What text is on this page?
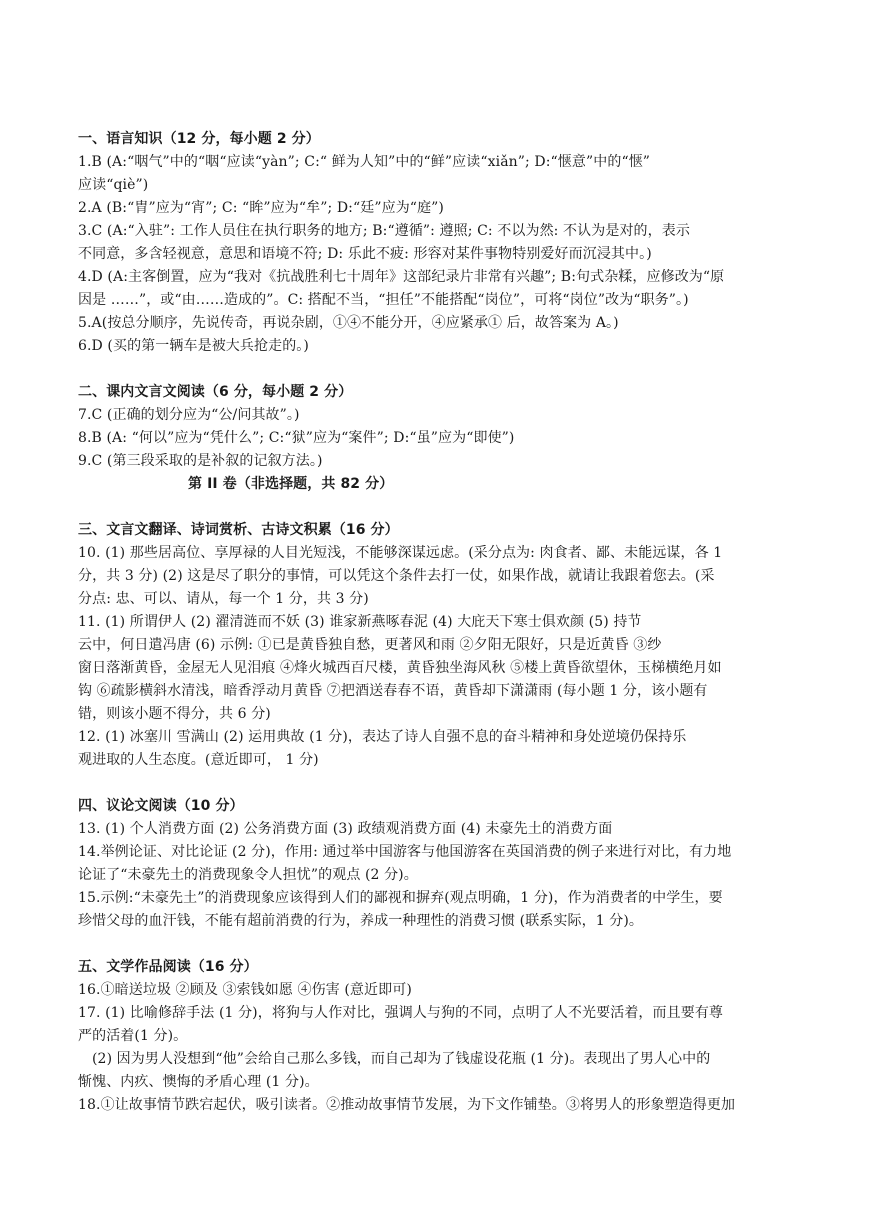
一、语言知识（12 分，每小题 2 分）
1.B (A:“咽气”中的“咽“应读“yàn”; C:“ 鲜为人知”中的“鲜”应读“xiǎn”; D:“惬意”中的“惬”
应读“qiè”)
2.A (B:“胄”应为“宵”; C: “眸”应为“牟”; D:“廷”应为“庭”)
3.C (A:“入驻”: 工作人员住在执行职务的地方; B:“遵循”: 遵照; C: 不以为然: 不认为是对的，表示
不同意，多含轻视意，意思和语境不符; D: 乐此不疲: 形容对某件事物特别爱好而沉浸其中。)
4.D (A:主客倒置，应为“我对《抗战胜利七十周年》这部纪录片非常有兴趣”; B:句式杂糅，应修改为“原
因是 ……”，或“由……造成的”。C: 搭配不当，“担任”不能搭配“岗位”，可将“岗位”改为“职务”。)
5.A(按总分顺序，先说传奇，再说杂剧，①④不能分开，④应紧承① 后，故答案为 A。)
6.D (买的第一辆车是被大兵抢走的。)
二、课内文言文阅读（6 分，每小题 2 分）
7.C (正确的划分应为“公/问其故”。)
8.B (A: “何以”应为“凭什么”; C:“狱”应为“案件”; D:“虽”应为“即使”)
9.C (第三段采取的是补叙的记叙方法。)
第 II 卷（非选择题，共 82 分）
三、文言文翻译、诗词赏析、古诗文积累（16 分）
10. (1) 那些居高位、享厚禄的人目光短浅，不能够深谋远虑。(采分点为: 肉食者、鄙、未能远谋，各 1
分，共 3 分) (2) 这是尽了职分的事情，可以凭这个条件去打一仗，如果作战，就请让我跟着您去。(采
分点: 忠、可以、请从，每一个 1 分，共 3 分)
11. (1) 所谓伊人 (2) 濯清涟而不妖 (3) 谁家新燕啄春泥 (4) 大庇天下寒士俱欢颜 (5) 持节
云中，何日遣冯唐 (6) 示例: ①已是黄昏独自愁，更著风和雨 ②夕阳无限好，只是近黄昏 ③纱
窗日落渐黄昏，金屋无人见泪痕 ④烽火城西百尺楼，黄昏独坐海风秋 ⑤楼上黄昏欲望休，玉梯横绝月如
钩 ⑥疏影横斜水清浅，暗香浮动月黄昏 ⑦把酒送春春不语，黄昏却下潇潇雨 (每小题 1 分，该小题有
错，则该小题不得分，共 6 分)
12. (1) 冰塞川 雪满山 (2) 运用典故 (1 分)，表达了诗人自强不息的奋斗精神和身处逆境仍保持乐
观进取的人生态度。(意近即可， 1 分)
四、议论文阅读（10 分）
13. (1) 个人消费方面 (2) 公务消费方面 (3) 政绩观消费方面 (4) 未豪先土的消费方面
14.举例论证、对比论证 (2 分)，作用: 通过举中国游客与他国游客在英国消费的例子来进行对比，有力地
论证了“未豪先土的消费现象令人担忧”的观点 (2 分)。
15.示例:“未豪先土”的消费现象应该得到人们的鄙视和摒弃(观点明确，1 分)，作为消费者的中学生，要
珍惜父母的血汗钱，不能有超前消费的行为，养成一种理性的消费习惯 (联系实际，1 分)。
五、文学作品阅读（16 分）
16.①暗送垃圾 ②顾及 ③索钱如愿 ④伤害 (意近即可)
17. (1) 比喻修辞手法 (1 分)，将狗与人作对比，强调人与狗的不同，点明了人不光要活着，而且要有尊
严的活着(1 分)。
(2) 因为男人没想到“他”会给自己那么多钱，而自己却为了钱虚设花瓶 (1 分)。表现出了男人心中的
惭愧、内疚、懊悔的矛盾心理 (1 分)。
18.①让故事情节跌宕起伏，吸引读者。②推动故事情节发展，为下文作铺垫。③将男人的形象塑造得更加
